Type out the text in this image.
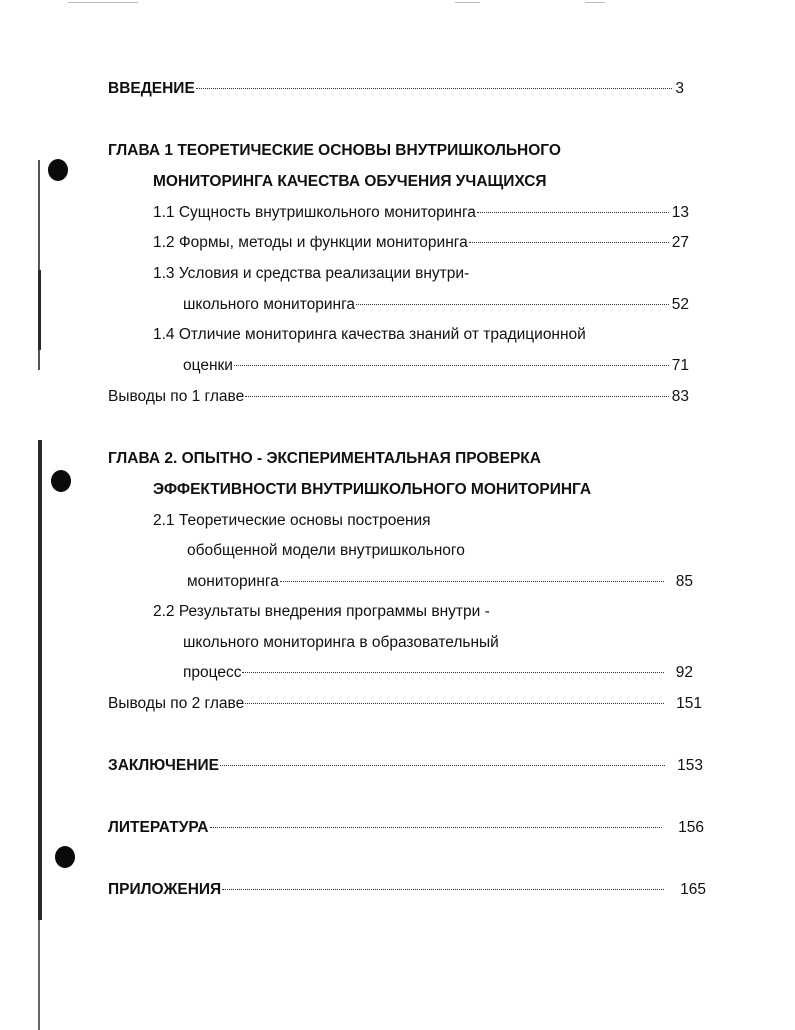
ВВЕДЕНИЕ	3
ГЛАВА 1 ТЕОРЕТИЧЕСКИЕ ОСНОВЫ ВНУТРИШКОЛЬНОГО
МОНИТОРИНГА КАЧЕСТВА ОБУЧЕНИЯ УЧАЩИХСЯ
1.1 Сущность внутришкольного мониторинга	13
1.2 Формы, методы и функции мониторинга	27
1.3 Условия и средства реализации внутри-
школьного мониторинга	52
1.4 Отличие мониторинга качества знаний от традиционной
оценки	71
Выводы по 1 главе	83
ГЛАВА 2. ОПЫТНО - ЭКСПЕРИМЕНТАЛЬНАЯ ПРОВЕРКА
ЭФФЕКТИВНОСТИ ВНУТРИШКОЛЬНОГО МОНИТОРИНГА
2.1 Теоретические основы построения
обобщенной модели внутришкольного
мониторинга	85
2.2 Результаты внедрения программы внутри -
школьного мониторинга в образовательный
процесс	92
Выводы по 2 главе	151
ЗАКЛЮЧЕНИЕ	153
ЛИТЕРАТУРА	156
ПРИЛОЖЕНИЯ	165
